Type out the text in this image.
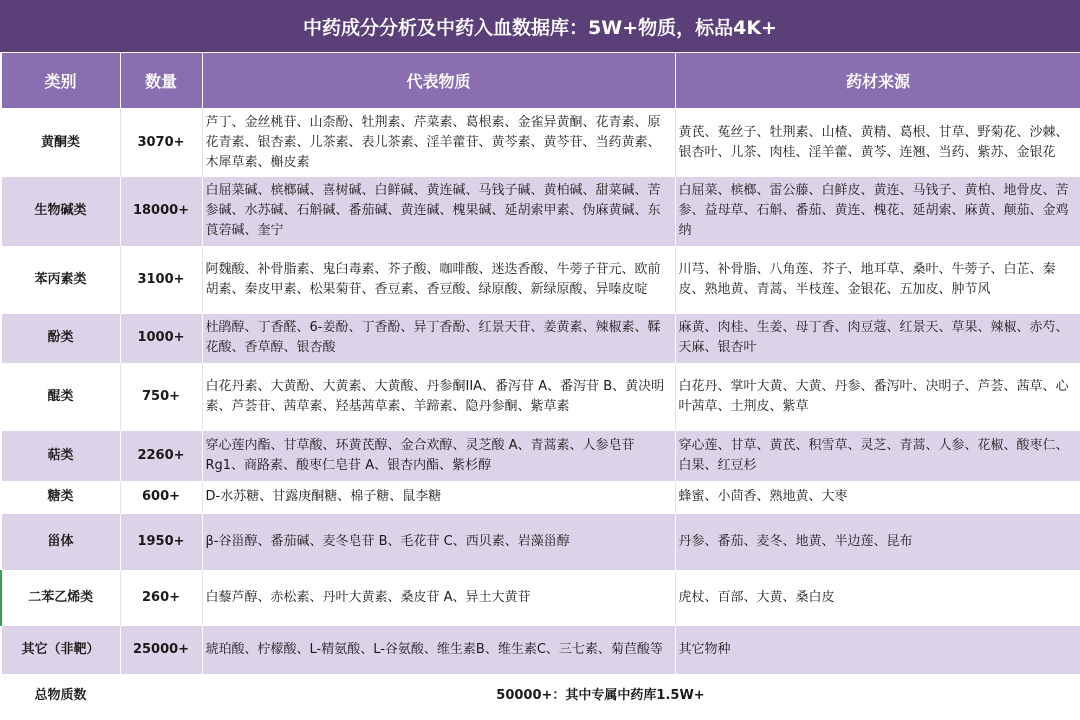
中药成分分析及中药入血数据库：5W+物质，标品4K+
类别	数量	代表物质	药材来源
黄酮类	3070+	芦丁、金丝桃苷、山柰酚、牡荆素、芹菜素、葛根素、金雀异黄酮、花青素、原花青素、银杏素、儿茶素、表儿茶素、淫羊藿苷、黄芩素、黄芩苷、当药黄素、木犀草素、槲皮素	黄芪、菟丝子、牡荆素、山楂、黄精、葛根、甘草、野菊花、沙棘、银杏叶、儿茶、肉桂、淫羊藿、黄芩、连翘、当药、紫苏、金银花
生物碱类	18000+	白屈菜碱、槟榔碱、喜树碱、白鲜碱、黄连碱、马钱子碱、黄柏碱、甜菜碱、苦参碱、水苏碱、石斛碱、番茄碱、黄连碱、槐果碱、延胡索甲素、伪麻黄碱、东莨菪碱、奎宁	白屈菜、槟榔、雷公藤、白鲜皮、黄连、马钱子、黄柏、地骨皮、苦参、益母草、石斛、番茄、黄连、槐花、延胡索、麻黄、颠茄、金鸡纳
苯丙素类	3100+	阿魏酸、补骨脂素、鬼臼毒素、芥子酸、咖啡酸、迷迭香酸、牛蒡子苷元、欧前胡素、秦皮甲素、松果菊苷、香豆素、香豆酸、绿原酸、新绿原酸、异嗪皮啶	川芎、补骨脂、八角莲、芥子、地耳草、桑叶、牛蒡子、白芷、秦皮、熟地黄、青蒿、半枝莲、金银花、五加皮、肿节风
酚类	1000+	杜鹃醇、丁香醛、6-姜酚、丁香酚、异丁香酚、红景天苷、姜黄素、辣椒素、鞣花酸、香草醇、银杏酸	麻黄、肉桂、生姜、母丁香、肉豆蔻、红景天、草果、辣椒、赤芍、天麻、银杏叶
醌类	750+	白花丹素、大黄酚、大黄素、大黄酸、丹参酮IIA、番泻苷 A、番泻苷 B、黄决明素、芦荟苷、茜草素、羟基茜草素、羊蹄素、隐丹参酮、紫草素	白花丹、掌叶大黄、大黄、丹参、番泻叶、决明子、芦荟、茜草、心叶茜草、土荆皮、紫草
萜类	2260+	穿心莲内酯、甘草酸、环黄芪醇、金合欢醇、灵芝酸 A、青蒿素、人参皂苷Rg1、商路素、酸枣仁皂苷 A、银杏内酯、紫杉醇	穿心莲、甘草、黄芪、积雪草、灵芝、青蒿、人参、花椒、酸枣仁、白果、红豆杉
糖类	600+	D-水苏糖、甘露庚酮糖、棉子糖、鼠李糖	蜂蜜、小茴香、熟地黄、大枣
甾体	1950+	β-谷甾醇、番茄碱、麦冬皂苷 B、毛花苷 C、西贝素、岩藻甾醇	丹参、番茄、麦冬、地黄、半边莲、昆布
二苯乙烯类	260+	白藜芦醇、赤松素、丹叶大黄素、桑皮苷 A、异土大黄苷	虎杖、百部、大黄、桑白皮
其它（非靶）	25000+	琥珀酸、柠檬酸、L-精氨酸、L-谷氨酸、维生素B、维生素C、三七素、菊苣酸等	其它物种
总物质数	50000+：其中专属中药库1.5W+		
